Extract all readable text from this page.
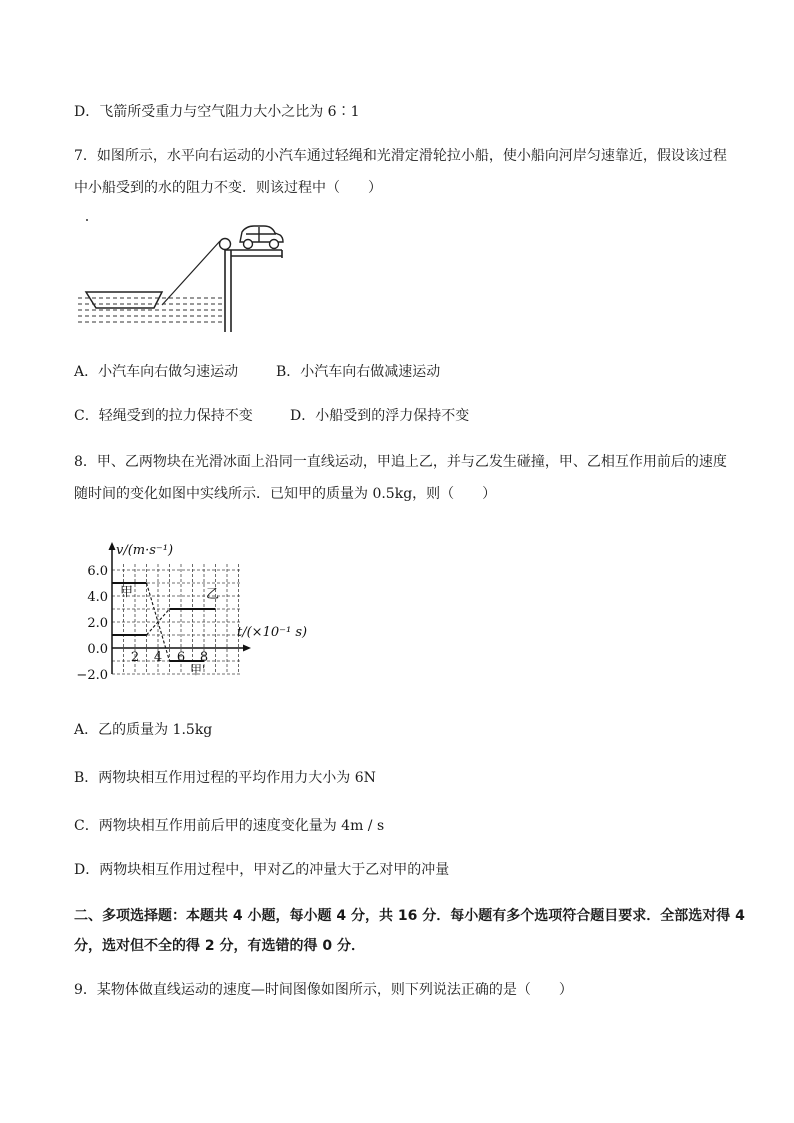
D．飞箭所受重力与空气阻力大小之比为 6∶1
7．如图所示，水平向右运动的小汽车通过轻绳和光滑定滑轮拉小船，使小船向河岸匀速靠近，假设该过程
中小船受到的水的阻力不变．则该过程中（　　）
A．小汽车向右做匀速运动	B．小汽车向右做减速运动
C．轻绳受到的拉力保持不变	D．小船受到的浮力保持不变
8．甲、乙两物块在光滑冰面上沿同一直线运动，甲追上乙，并与乙发生碰撞，甲、乙相互作用前后的速度
随时间的变化如图中实线所示．已知甲的质量为 0.5kg，则（　　）
v/(m·s⁻¹)
t/(×10⁻¹ s)
6.0
4.0
2.0
0.0
−2.0
2 4 6 8
甲	乙
甲'
A．乙的质量为 1.5kg
B．两物块相互作用过程的平均作用力大小为 6N
C．两物块相互作用前后甲的速度变化量为 4m / s
D．两物块相互作用过程中，甲对乙的冲量大于乙对甲的冲量
二、多项选择题：本题共 4 小题，每小题 4 分，共 16 分．每小题有多个选项符合题目要求．全部选对得 4
分，选对但不全的得 2 分，有选错的得 0 分．
9．某物体做直线运动的速度—时间图像如图所示，则下列说法正确的是（　　）
